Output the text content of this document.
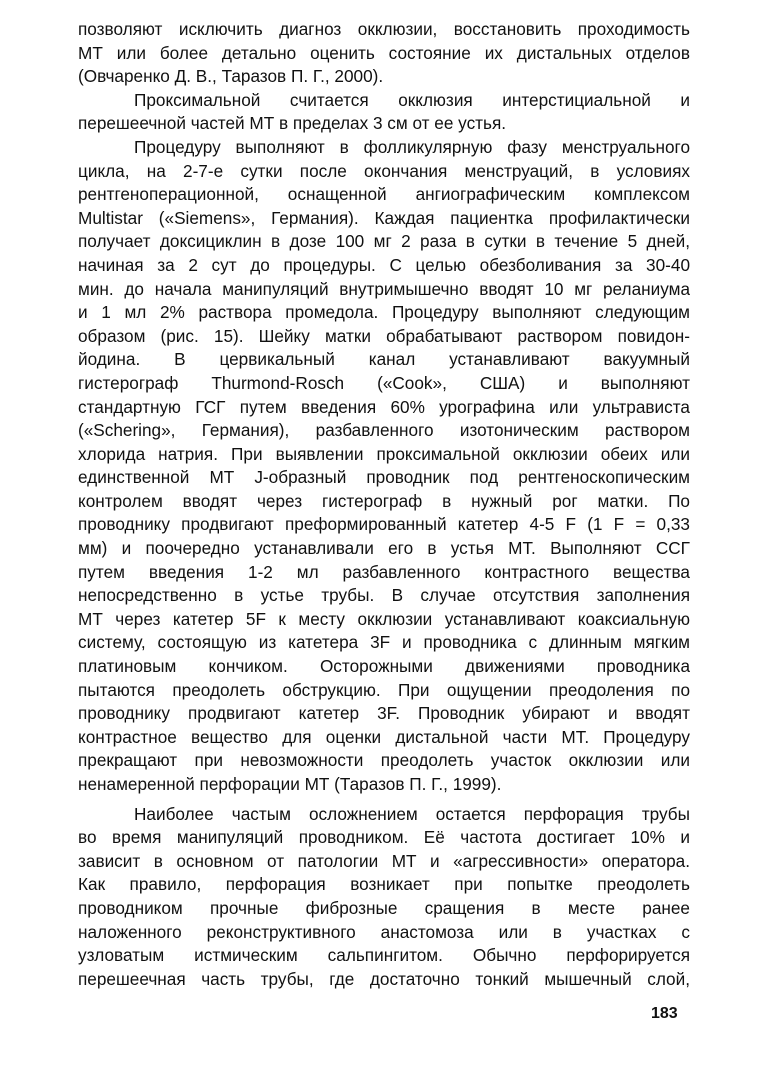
позволяют исключить диагноз окклюзии, восстановить проходимость
МТ или более детально оценить состояние их дистальных отделов
(Овчаренко Д. В., Таразов П. Г., 2000).
Проксимальной считается окклюзия интерстициальной и
перешеечной частей МТ в пределах 3 см от ее устья.
Процедуру выполняют в фолликулярную фазу менструального
цикла, на 2-7-е сутки после окончания менструаций, в условиях
рентгеноперационной, оснащенной ангиографическим комплексом
Multistar («Siemens», Германия). Каждая пациентка профилактически
получает доксициклин в дозе 100 мг 2 раза в сутки в течение 5 дней,
начиная за 2 сут до процедуры. С целью обезболивания за 30-40
мин. до начала манипуляций внутримышечно вводят 10 мг реланиума
и 1 мл 2% раствора промедола. Процедуру выполняют следующим
образом (рис. 15). Шейку матки обрабатывают раствором повидон-
йодина. В цервикальный канал устанавливают вакуумный
гистерограф Thurmond-Rosch («Cook», США) и выполняют
стандартную ГСГ путем введения 60% урографина или ультрависта
(«Schering», Германия), разбавленного изотоническим раствором
хлорида натрия. При выявлении проксимальной окклюзии обеих или
единственной МТ J-образный проводник под рентгеноскопическим
контролем вводят через гистерограф в нужный рог матки. По
проводнику продвигают преформированный катетер 4-5 F (1 F = 0,33
мм) и поочередно устанавливали его в устья МТ. Выполняют ССГ
путем введения 1-2 мл разбавленного контрастного вещества
непосредственно в устье трубы. В случае отсутствия заполнения
МТ через катетер 5F к месту окклюзии устанавливают коаксиальную
систему, состоящую из катетера 3F и проводника с длинным мягким
платиновым кончиком. Осторожными движениями проводника
пытаются преодолеть обструкцию. При ощущении преодоления по
проводнику продвигают катетер 3F. Проводник убирают и вводят
контрастное вещество для оценки дистальной части МТ. Процедуру
прекращают при невозможности преодолеть участок окклюзии или
ненамеренной перфорации МТ (Таразов П. Г., 1999).
Наиболее частым осложнением остается перфорация трубы
во время манипуляций проводником. Её частота достигает 10% и
зависит в основном от патологии МТ и «агрессивности» оператора.
Как правило, перфорация возникает при попытке преодолеть
проводником прочные фиброзные сращения в месте ранее
наложенного реконструктивного анастомоза или в участках с
узловатым истмическим сальпингитом. Обычно перфорируется
перешеечная часть трубы, где достаточно тонкий мышечный слой,
183
